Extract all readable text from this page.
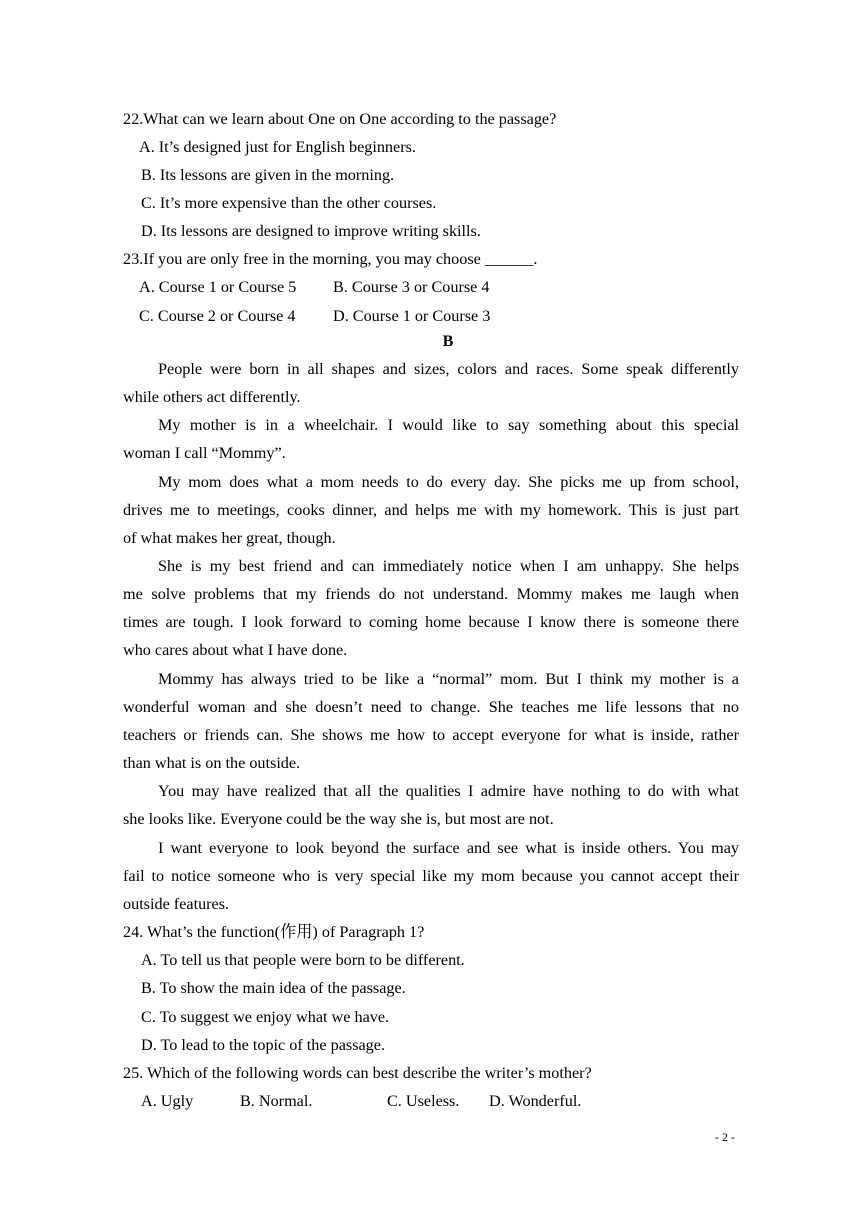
22.What can we learn about One on One according to the passage?
A. It’s designed just for English beginners.
B. Its lessons are given in the morning.
C. It’s more expensive than the other courses.
D. Its lessons are designed to improve writing skills.
23.If you are only free in the morning, you may choose ______.
A. Course 1 or Course 5 B. Course 3 or Course 4
C. Course 2 or Course 4 D. Course 1 or Course 3
B
People were born in all shapes and sizes, colors and races. Some speak differently
while others act differently.
My mother is in a wheelchair. I would like to say something about this special
woman I call “Mommy”.
My mom does what a mom needs to do every day. She picks me up from school,
drives me to meetings, cooks dinner, and helps me with my homework. This is just part
of what makes her great, though.
She is my best friend and can immediately notice when I am unhappy. She helps
me solve problems that my friends do not understand. Mommy makes me laugh when
times are tough. I look forward to coming home because I know there is someone there
who cares about what I have done.
Mommy has always tried to be like a “normal” mom. But I think my mother is a
wonderful woman and she doesn’t need to change. She teaches me life lessons that no
teachers or friends can. She shows me how to accept everyone for what is inside, rather
than what is on the outside.
You may have realized that all the qualities I admire have nothing to do with what
she looks like. Everyone could be the way she is, but most are not.
I want everyone to look beyond the surface and see what is inside others. You may
fail to notice someone who is very special like my mom because you cannot accept their
outside features.
24. What’s the function(作用) of Paragraph 1?
A. To tell us that people were born to be different.
B. To show the main idea of the passage.
C. To suggest we enjoy what we have.
D. To lead to the topic of the passage.
25. Which of the following words can best describe the writer’s mother?
A. Ugly	B. Normal.	C. Useless. D. Wonderful.
- 2 -
